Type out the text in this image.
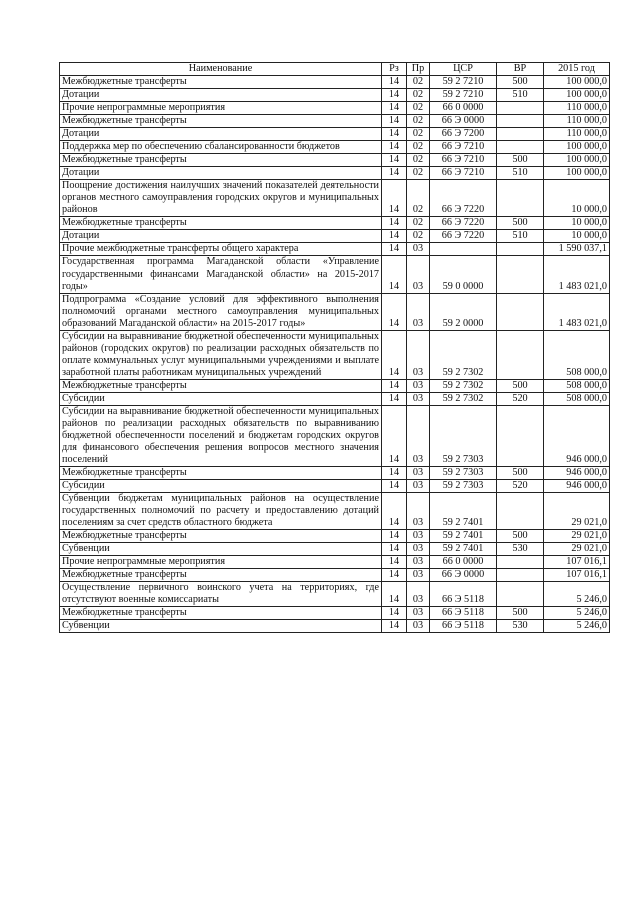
Наименование	Рз	Пр	ЦСР	ВР	2015 год
Межбюджетные трансферты	14	02	59 2 7210	500	100 000,0
Дотации	14	02	59 2 7210	510	100 000,0
Прочие непрограммные мероприятия	14	02	66 0 0000		110 000,0
Межбюджетные трансферты	14	02	66 Э 0000		110 000,0
Дотации	14	02	66 Э 7200		110 000,0
Поддержка мер по обеспечению сбалансированности бюджетов	14	02	66 Э 7210		100 000,0
Межбюджетные трансферты	14	02	66 Э 7210	500	100 000,0
Дотации	14	02	66 Э 7210	510	100 000,0
Поощрение достижения наилучших значений показателей деятельности органов местного самоуправления городских округов и муниципальных районов	14	02	66 Э 7220		10 000,0
Межбюджетные трансферты	14	02	66 Э 7220	500	10 000,0
Дотации	14	02	66 Э 7220	510	10 000,0
Прочие межбюджетные трансферты общего характера	14	03			1 590 037,1
Государственная программа Магаданской области «Управление государственными финансами Магаданской области» на 2015-2017 годы»	14	03	59 0 0000		1 483 021,0
Подпрограмма «Создание условий для эффективного выполнения полномочий органами местного самоуправления муниципальных образований Магаданской области» на 2015-2017 годы»	14	03	59 2 0000		1 483 021,0
Субсидии на выравнивание бюджетной обеспеченности муниципальных районов (городских округов) по реализации расходных обязательств по оплате коммунальных услуг муниципальными учреждениями и выплате заработной платы работникам муниципальных учреждений	14	03	59 2 7302		508 000,0
Межбюджетные трансферты	14	03	59 2 7302	500	508 000,0
Субсидии	14	03	59 2 7302	520	508 000,0
Субсидии на выравнивание бюджетной обеспеченности муниципальных районов по реализации расходных обязательств по выравниванию бюджетной обеспеченности поселений и бюджетам городских округов для финансового обеспечения решения вопросов местного значения поселений	14	03	59 2 7303		946 000,0
Межбюджетные трансферты	14	03	59 2 7303	500	946 000,0
Субсидии	14	03	59 2 7303	520	946 000,0
Субвенции бюджетам муниципальных районов на осуществление государственных полномочий по расчету и предоставлению дотаций поселениям за счет средств областного бюджета	14	03	59 2 7401		29 021,0
Межбюджетные трансферты	14	03	59 2 7401	500	29 021,0
Субвенции	14	03	59 2 7401	530	29 021,0
Прочие непрограммные мероприятия	14	03	66 0 0000		107 016,1
Межбюджетные трансферты	14	03	66 Э 0000		107 016,1
Осуществление первичного воинского учета на территориях, где отсутствуют военные комиссариаты	14	03	66 Э 5118		5 246,0
Межбюджетные трансферты	14	03	66 Э 5118	500	5 246,0
Субвенции	14	03	66 Э 5118	530	5 246,0
